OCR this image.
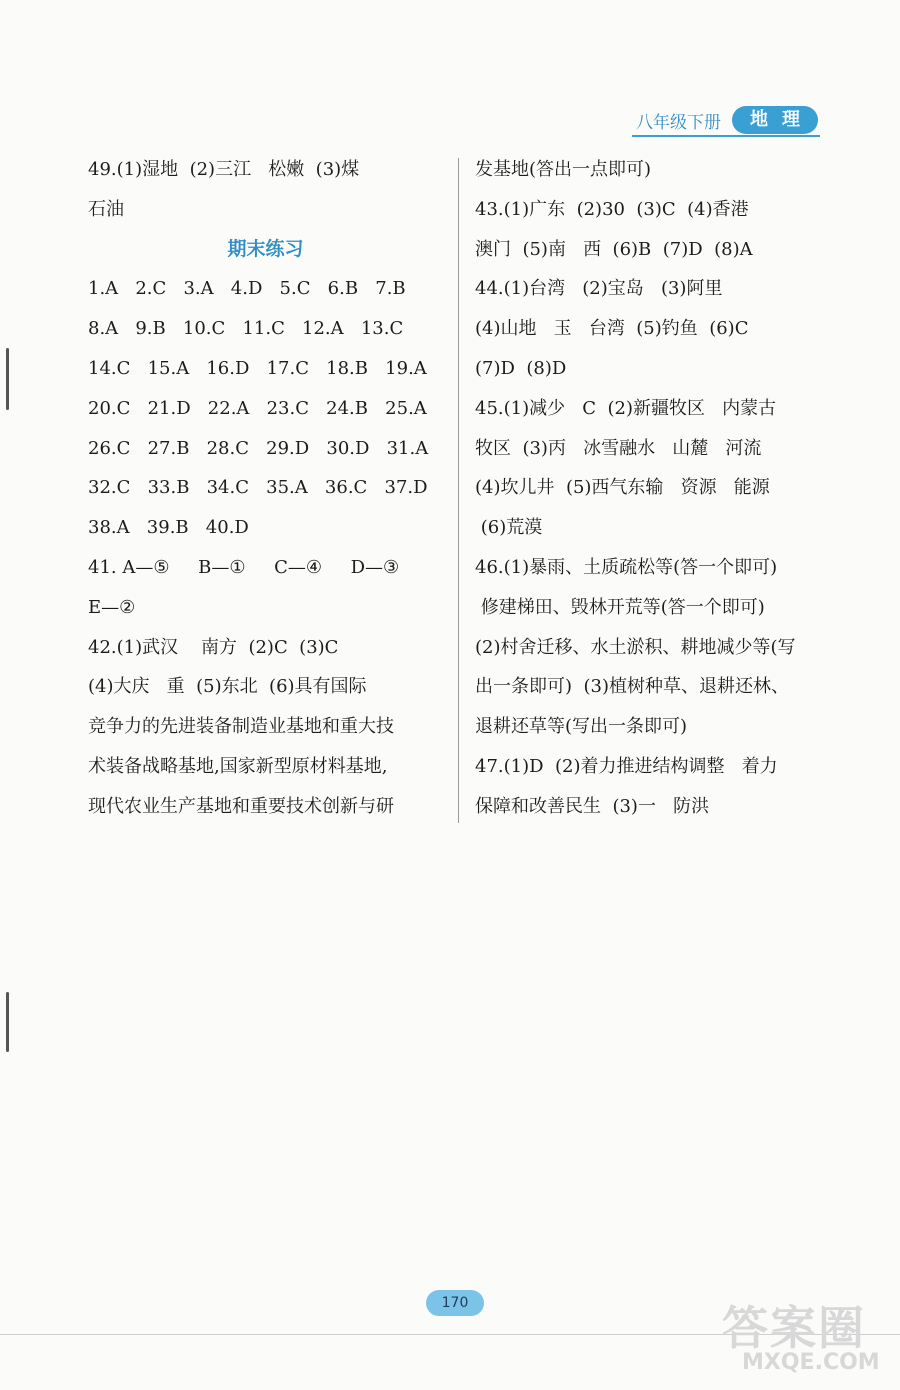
八年级下册	地理
49.(1)湿地  (2)三江   松嫩  (3)煤
石油
期末练习
1.A   2.C   3.A   4.D   5.C   6.B   7.B
8.A   9.B   10.C   11.C   12.A   13.C
14.C   15.A   16.D   17.C   18.B   19.A
20.C   21.D   22.A   23.C   24.B   25.A
26.C   27.B   28.C   29.D   30.D   31.A
32.C   33.B   34.C   35.A   36.C   37.D
38.A   39.B   40.D
41. A—⑤     B—①     C—④     D—③
E—②
42.(1)武汉    南方  (2)C  (3)C
(4)大庆   重  (5)东北  (6)具有国际
竞争力的先进装备制造业基地和重大技
术装备战略基地,国家新型原材料基地,
现代农业生产基地和重要技术创新与研
发基地(答出一点即可)
43.(1)广东  (2)30  (3)C  (4)香港
澳门  (5)南   西  (6)B  (7)D  (8)A
44.(1)台湾   (2)宝岛   (3)阿里
(4)山地   玉   台湾  (5)钓鱼  (6)C
(7)D  (8)D
45.(1)减少   C  (2)新疆牧区   内蒙古
牧区  (3)丙   冰雪融水   山麓   河流
(4)坎儿井  (5)西气东输   资源   能源
(6)荒漠
46.(1)暴雨、土质疏松等(答一个即可)
修建梯田、毁林开荒等(答一个即可)
(2)村舍迁移、水土淤积、耕地减少等(写
出一条即可)  (3)植树种草、退耕还林、
退耕还草等(写出一条即可)
47.(1)D  (2)着力推进结构调整   着力
保障和改善民生  (3)一   防洪
170	答案圈
MXQE.COM
